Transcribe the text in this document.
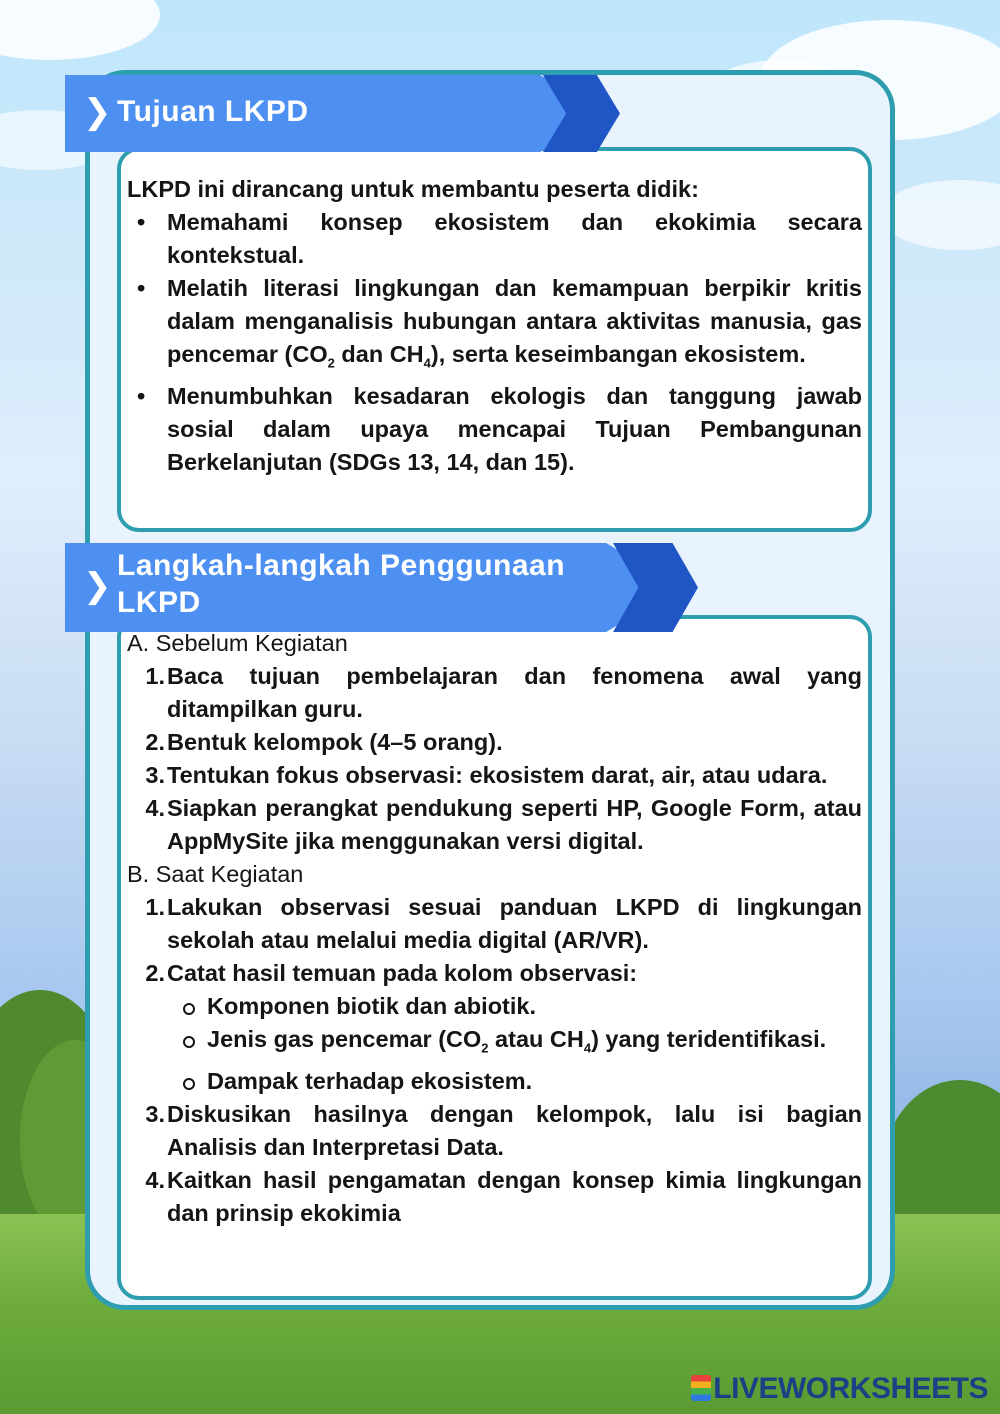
❯ Tujuan LKPD

LKPD ini dirancang untuk membantu peserta didik:

• Memahami konsep ekosistem dan ekokimia secara kontekstual.
• Melatih literasi lingkungan dan kemampuan berpikir kritis dalam menganalisis hubungan antara aktivitas manusia, gas pencemar ($CO_2$ dan $CH_4$), serta keseimbangan ekosistem.
• Menumbuhkan kesadaran ekologis dan tanggung jawab sosial dalam upaya mencapai Tujuan Pembangunan Berkelanjutan (SDGs 13, 14, dan 15).
❯
Langkah-langkah Penggunaan
LKPD

A. Sebelum Kegiatan

1. Baca tujuan pembelajaran dan fenomena awal yang ditampilkan guru.
2. Bentuk kelompok (4–5 orang).
3. Tentukan fokus observasi: ekosistem darat, air, atau udara.
4. Siapkan perangkat pendukung seperti HP, Google Form, atau AppMySite jika menggunakan versi digital.

B. Saat Kegiatan

1. Lakukan observasi sesuai panduan LKPD di lingkungan sekolah atau melalui media digital (AR/VR).
2. Catat hasil temuan pada kolom observasi:
Komponen biotik dan abiotik.
Jenis gas pencemar ($CO_2$ atau $CH_4$) yang teridentifikasi.
Dampak terhadap ekosistem.
3. Diskusikan hasilnya dengan kelompok, lalu isi bagian Analisis dan Interpretasi Data.
4. Kaitkan hasil pengamatan dengan konsep kimia lingkungan dan prinsip ekokimia
LIVEWORKSHEETS
